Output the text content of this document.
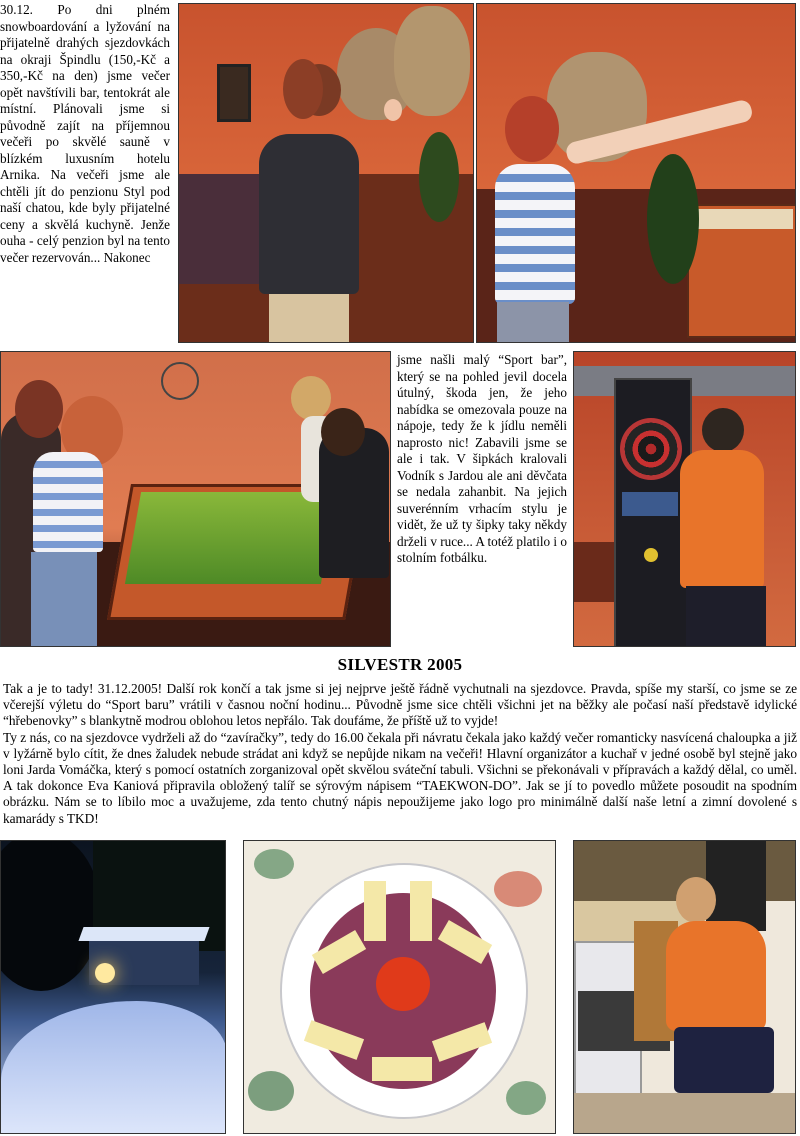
30.12. Po dni plném snowboardování a lyžování na přijatelně drahých sjezdovkách na okraji Špindlu (150,-Kč a 350,-Kč na den) jsme večer opět navštívili bar, tentokrát ale místní. Plánovali jsme si původně zajít na příjemnou večeři po skvělé sauně v blízkém luxusním hotelu Arnika. Na večeři jsme ale chtěli jít do penzionu Styl pod naší chatou, kde byly přijatelné ceny a skvělá kuchyně. Jenže ouha - celý penzion byl na tento večer rezervován... Nakonec

jsme našli malý “Sport bar”, který se na pohled jevil docela útulný, škoda jen, že jeho nabídka se omezovala pouze na nápoje, tedy že k jídlu neměli naprosto nic! Zabavili jsme se ale i tak. V šipkách kralovali Vodník s Jardou ale ani děvčata se nedala zahanbit. Na jejich suverénním vrhacím stylu je vidět, že už ty šipky taky někdy drželi v ruce... A totéž platilo i o stolním fotbálku.

SILVESTR 2005

Tak a je to tady! 31.12.2005! Další rok končí a tak jsme si jej nejprve ještě řádně vychutnali na sjezdovce. Pravda, spíše my starší, co jsme se ze včerejší výletu do “Sport baru” vrátili v časnou noční hodinu... Původně jsme sice chtěli všichni jet na běžky ale počasí naší představě idylické “hřebenovky” s blankytně modrou oblohou letos nepřálo. Tak doufáme, že příště už to vyjde!

Ty z nás, co na sjezdovce vydrželi až do “zavíračky”, tedy do 16.00 čekala při návratu čekala jako každý večer romanticky nasvícená chaloupka a již v lyžárně bylo cítit, že dnes žaludek nebude strádat ani když se nepůjde nikam na večeři! Hlavní organizátor a kuchař v jedné osobě byl stejně jako loni Jarda Vomáčka, který s pomocí ostatních zorganizoval opět skvělou sváteční tabuli. Všichni se překonávali v přípravách a každý dělal, co uměl. A tak dokonce Eva Kaniová připravila obložený talíř se sýrovým nápisem “TAEKWON-DO”. Jak se jí to povedlo můžete posoudit na spodním obrázku. Nám se to líbilo moc a uvažujeme, zda tento chutný nápis nepoužijeme jako logo pro minimálně další naše letní a zimní dovolené s kamarády s TKD!
